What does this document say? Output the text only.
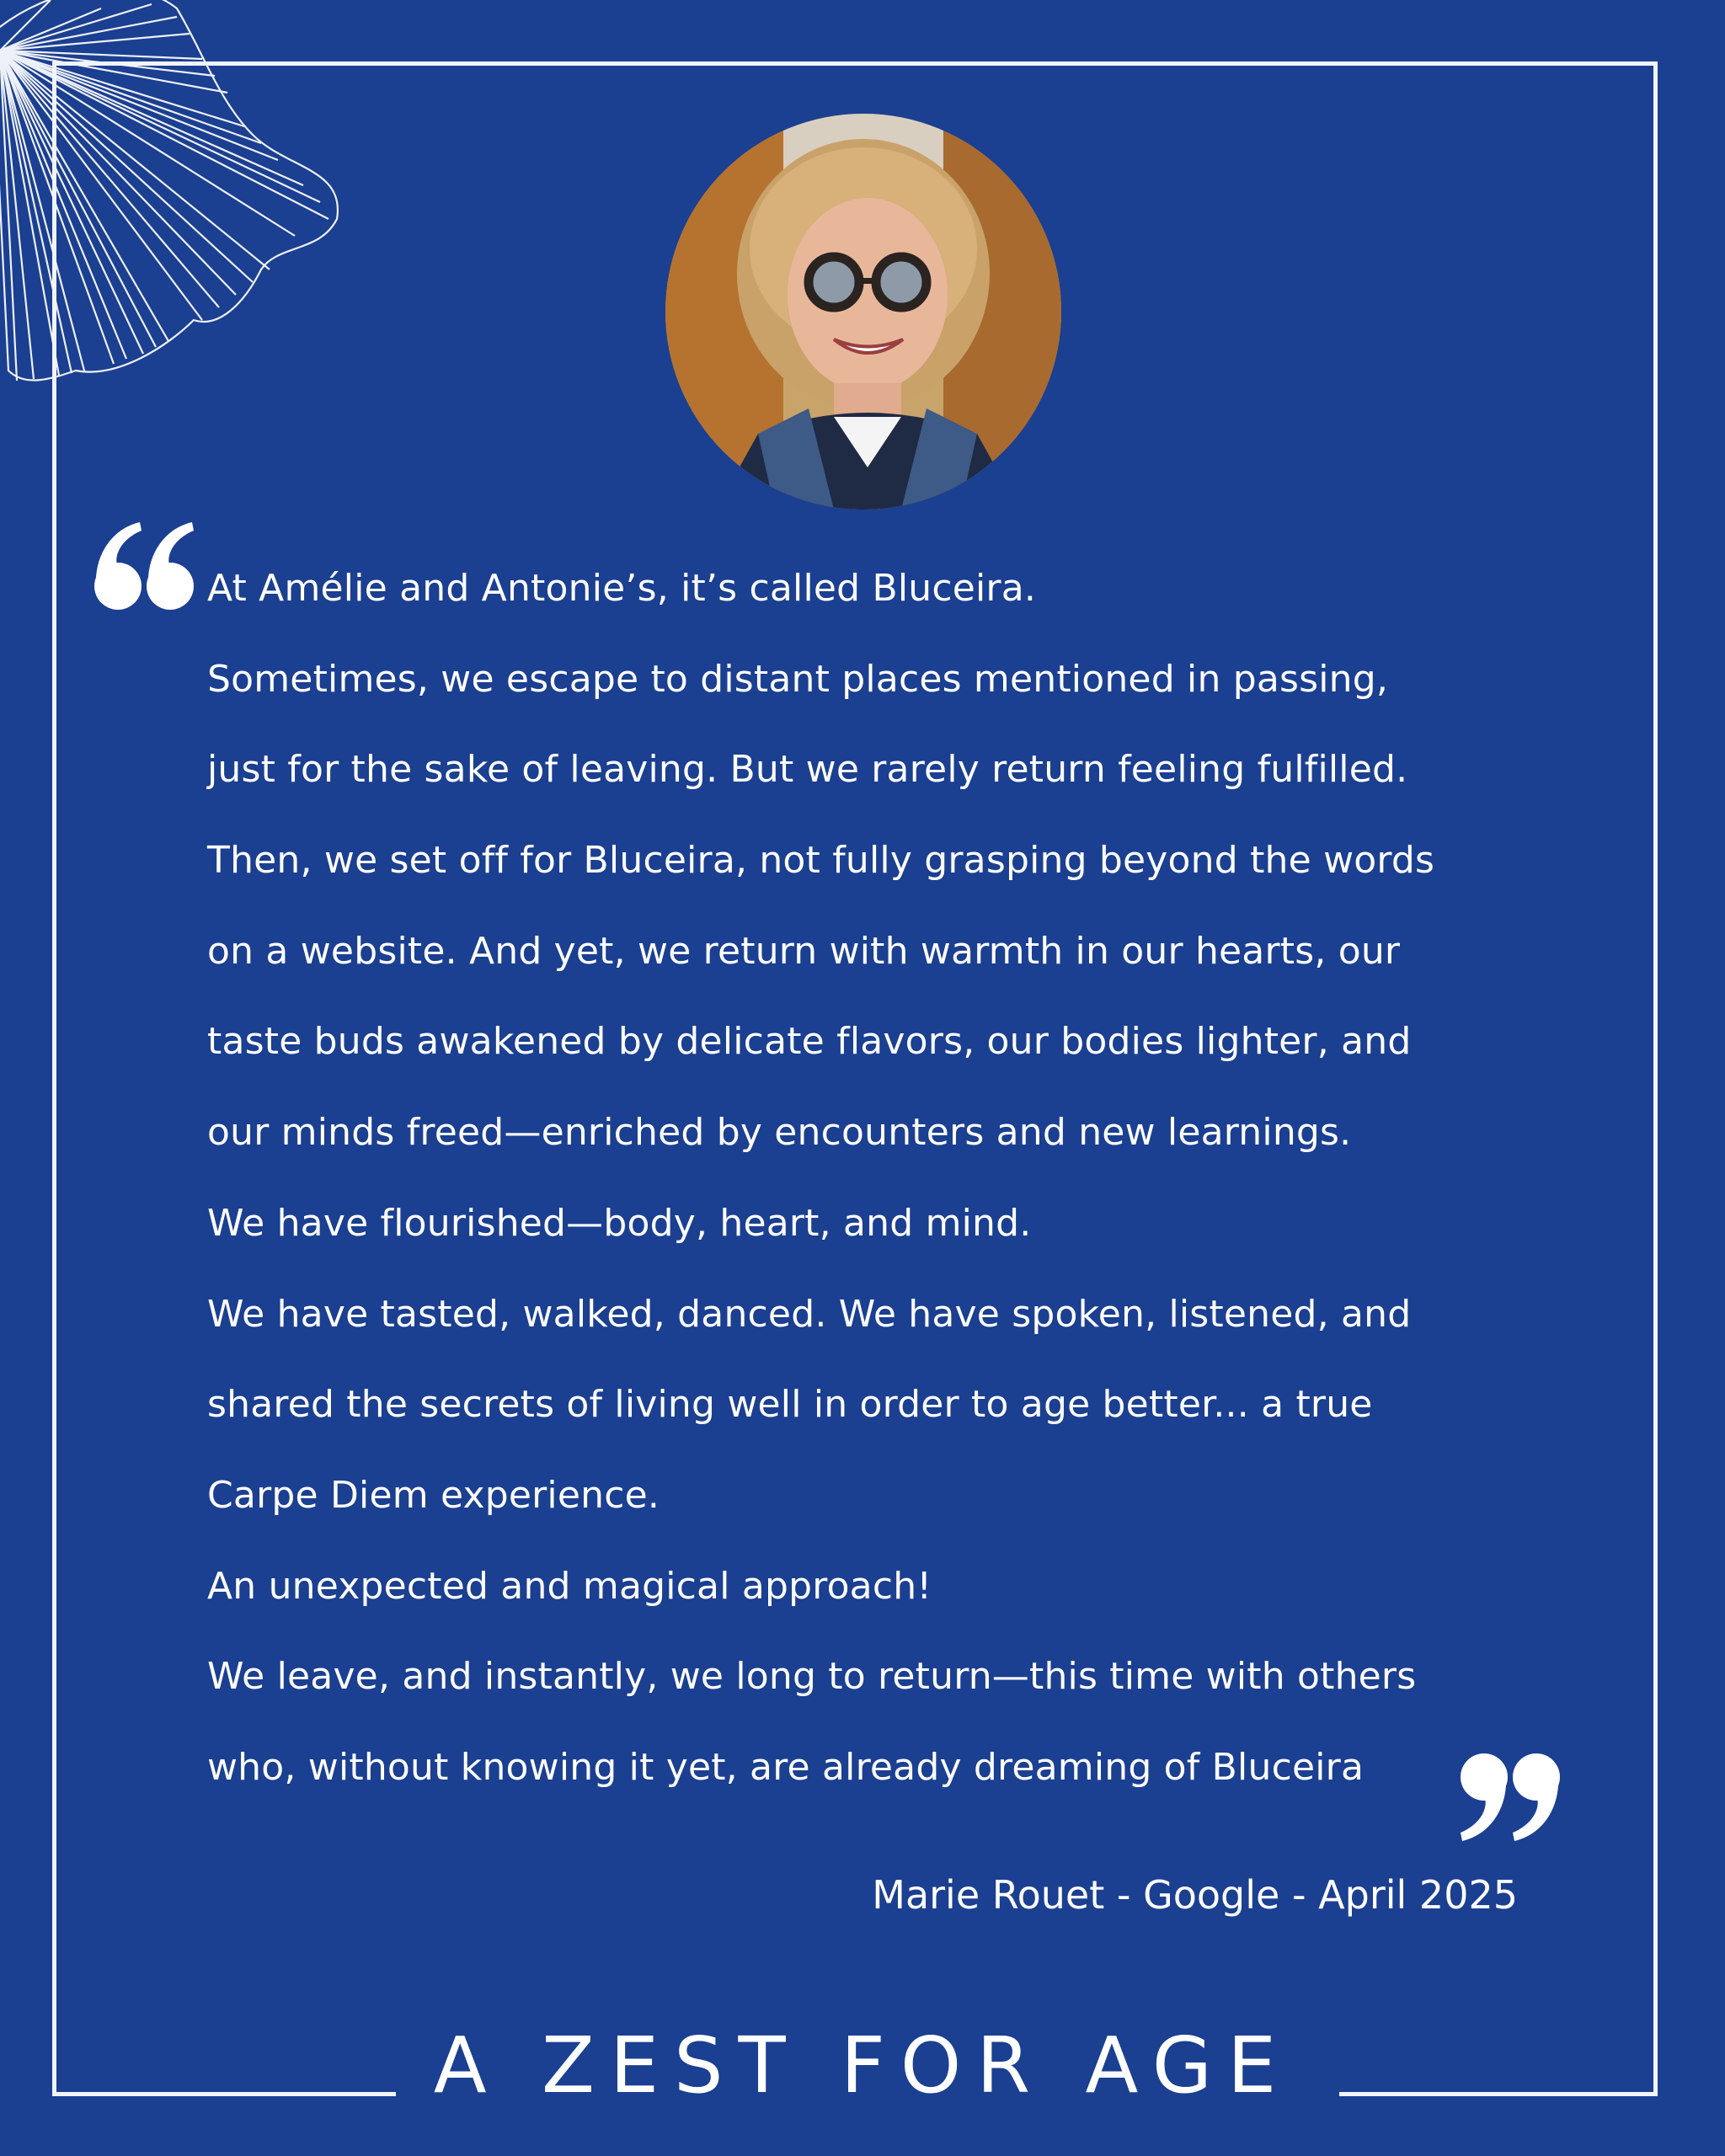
At Amélie and Antonie’s, it’s called Bluceira.
Sometimes, we escape to distant places mentioned in passing,
just for the sake of leaving. But we rarely return feeling fulfilled.
Then, we set off for Bluceira, not fully grasping beyond the words
on a website. And yet, we return with warmth in our hearts, our
taste buds awakened by delicate flavors, our bodies lighter, and
our minds freed—enriched by encounters and new learnings.
We have flourished—body, heart, and mind.
We have tasted, walked, danced. We have spoken, listened, and
shared the secrets of living well in order to age better... a true
Carpe Diem experience.
An unexpected and magical approach!
We leave, and instantly, we long to return—this time with others
who, without knowing it yet, are already dreaming of Bluceira
Marie Rouet - Google - April 2025
A ZEST FOR AGE
